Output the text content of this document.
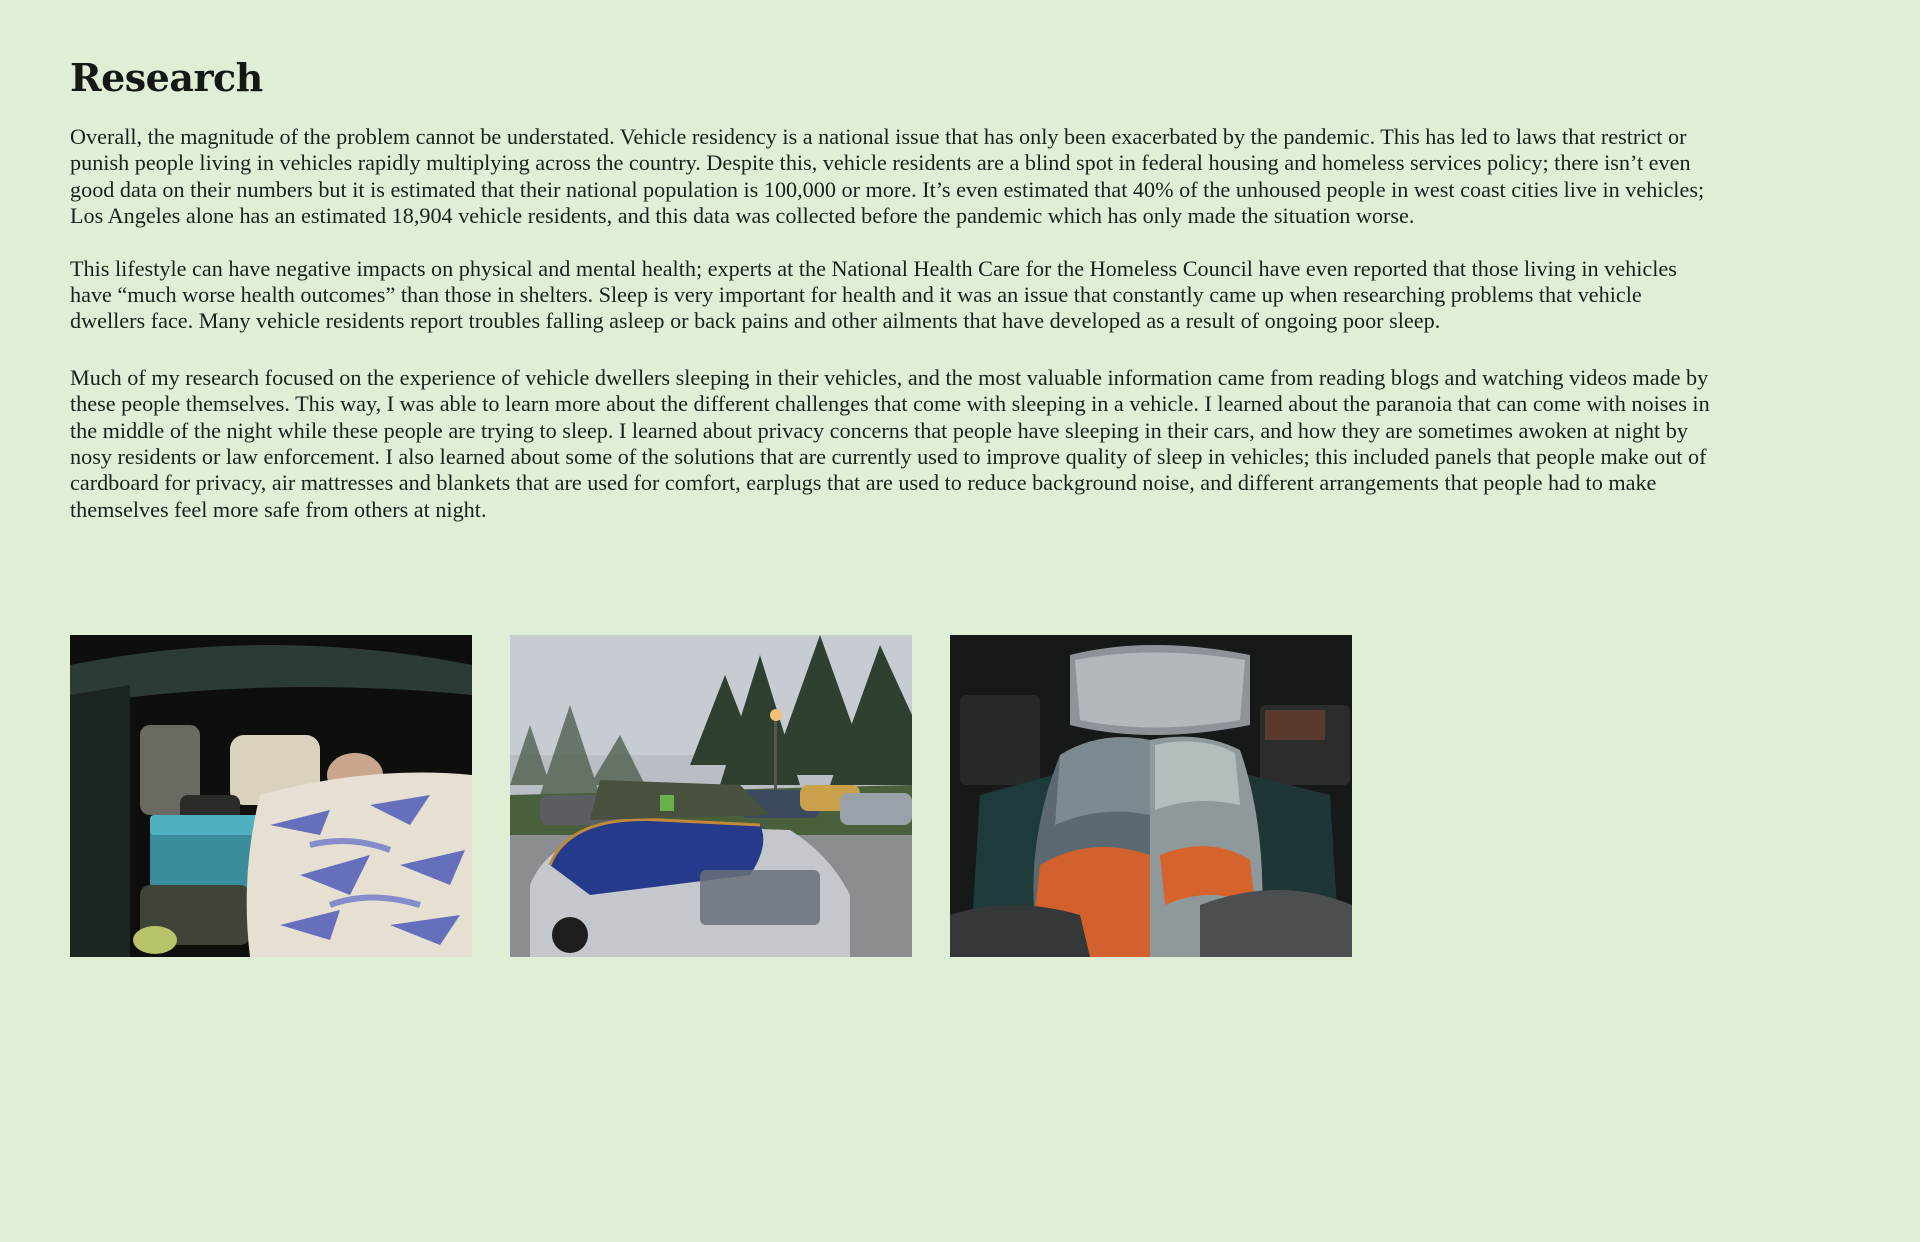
Research

Overall, the magnitude of the problem cannot be understated. Vehicle residency is a national issue that has only been exacerbated by the pandemic. This has led to laws that restrict or punish people living in vehicles rapidly multiplying across the country. Despite this, vehicle residents are a blind spot in federal housing and homeless services policy; there isn’t even good data on their numbers but it is estimated that their national population is 100,000 or more. It’s even estimated that 40% of the unhoused people in west coast cities live in vehicles; Los Angeles alone has an estimated 18,904 vehicle residents, and this data was collected before the pandemic which has only made the situation worse.

This lifestyle can have negative impacts on physical and mental health; experts at the National Health Care for the Homeless Council have even reported that those living in vehicles have “much worse health outcomes” than those in shelters. Sleep is very important for health and it was an issue that constantly came up when researching problems that vehicle dwellers face. Many vehicle residents report troubles falling asleep or back pains and other ailments that have developed as a result of ongoing poor sleep.

Much of my research focused on the experience of vehicle dwellers sleeping in their vehicles, and the most valuable information came from reading blogs and watching videos made by these people themselves. This way, I was able to learn more about the different challenges that come with sleeping in a vehicle. I learned about the paranoia that can come with noises in the middle of the night while these people are trying to sleep. I learned about privacy concerns that people have sleeping in their cars, and how they are sometimes awoken at night by nosy residents or law enforcement. I also learned about some of the solutions that are currently used to improve quality of sleep in vehicles; this included panels that people make out of cardboard for privacy, air mattresses and blankets that are used for comfort, earplugs that are used to reduce background noise, and different arrangements that people had to make themselves feel more safe from others at night.
